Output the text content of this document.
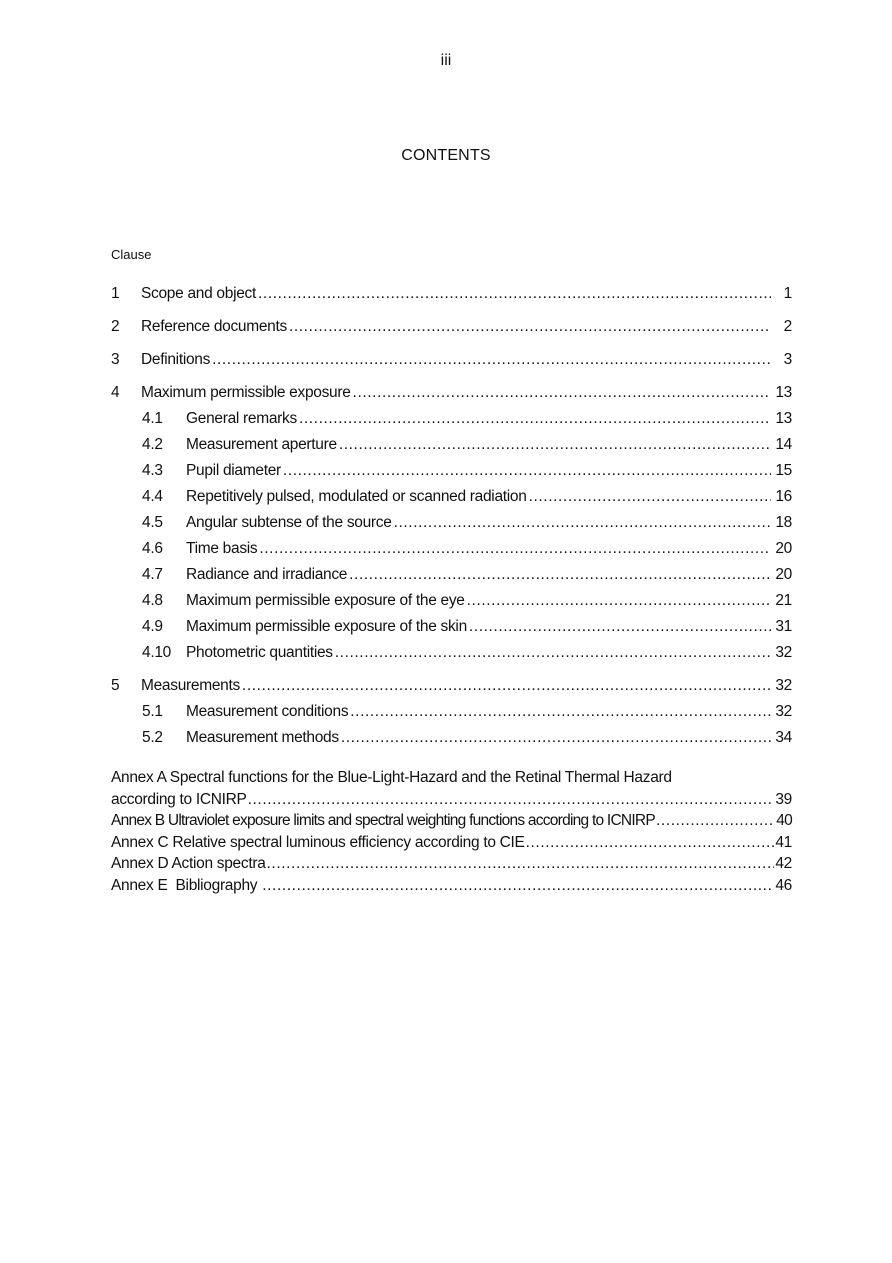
iii
CONTENTS
Clause
1	Scope and object .....	1
2	Reference documents .....	2
3	Definitions .....	3
4	Maximum permissible exposure .....	13
4.1	General remarks .....	13
4.2	Measurement aperture .....	14
4.3	Pupil diameter .....	15
4.4	Repetitively pulsed, modulated or scanned radiation .....	16
4.5	Angular subtense of the source .....	18
4.6	Time basis .....	20
4.7	Radiance and irradiance .....	20
4.8	Maximum permissible exposure of the eye .....	21
4.9	Maximum permissible exposure of the skin .....	31
4.10 Photometric quantities .....	32
5	Measurements .....	32
5.1	Measurement conditions .....	32
5.2	Measurement methods .....	34
Annex A Spectral functions for the Blue-Light-Hazard and the Retinal Thermal Hazard
according to ICNIRP .....	39
Annex B Ultraviolet exposure limits and spectral weighting functions according to ICNIRP .....	40
Annex C Relative spectral luminous efficiency according to CIE .....	41
Annex D Action spectra .....	42
Annex E  Bibliography .....	46
